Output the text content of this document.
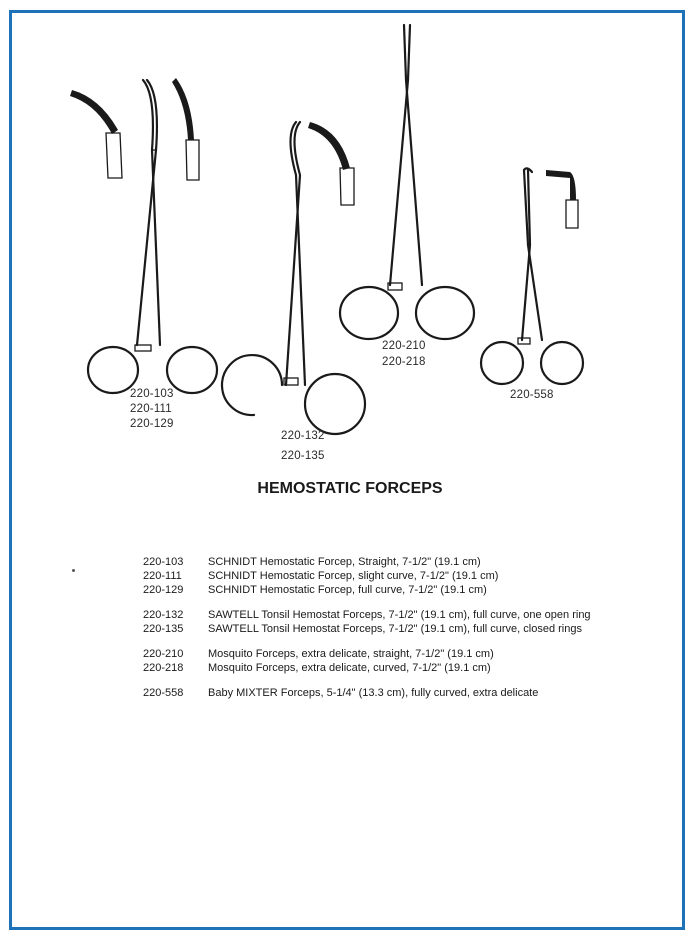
220-103
220-111
220-129
220-132
220-135
220-210
220-218
220-558
HEMOSTATIC FORCEPS
220-103	SCHNIDT Hemostatic Forcep, Straight, 7-1/2" (19.1 cm)
220-111	SCHNIDT Hemostatic Forcep, slight curve, 7-1/2" (19.1 cm)
220-129	SCHNIDT Hemostatic Forcep, full curve, 7-1/2" (19.1 cm)
220-132	SAWTELL Tonsil Hemostat Forceps, 7-1/2" (19.1 cm), full curve, one open ring
220-135	SAWTELL Tonsil Hemostat Forceps, 7-1/2" (19.1 cm), full curve, closed rings
220-210	Mosquito Forceps, extra delicate, straight, 7-1/2" (19.1 cm)
220-218	Mosquito Forceps, extra delicate, curved, 7-1/2" (19.1 cm)
220-558	Baby MIXTER Forceps, 5-1/4" (13.3 cm), fully curved, extra delicate
